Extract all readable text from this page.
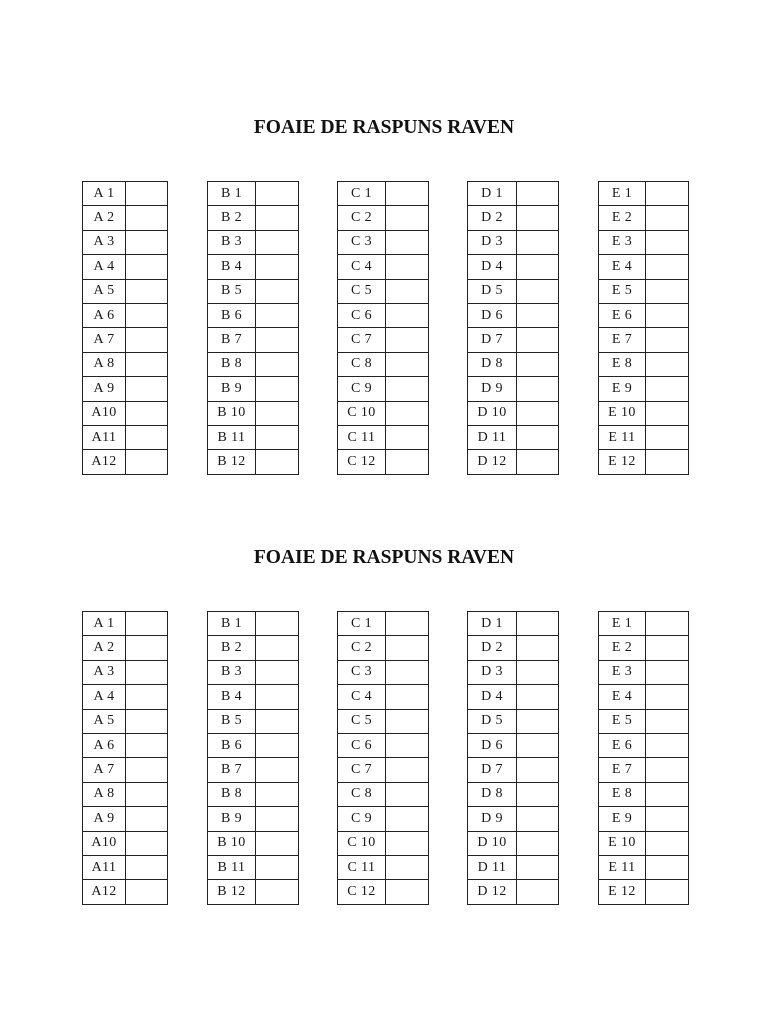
FOAIE DE RASPUNS RAVEN
A 1	
A 2	
A 3	
A 4	
A 5	
A 6	
A 7	
A 8	
A 9	
A10	
A11	
A12	
B 1	
B 2	
B 3	
B 4	
B 5	
B 6	
B 7	
B 8	
B 9	
B 10	
B 11	
B 12	
C 1	
C 2	
C 3	
C 4	
C 5	
C 6	
C 7	
C 8	
C 9	
C 10	
C 11	
C 12	
D 1	
D 2	
D 3	
D 4	
D 5	
D 6	
D 7	
D 8	
D 9	
D 10	
D 11	
D 12	
E 1	
E 2	
E 3	
E 4	
E 5	
E 6	
E 7	
E 8	
E 9	
E 10	
E 11	
E 12	
FOAIE DE RASPUNS RAVEN
A 1	
A 2	
A 3	
A 4	
A 5	
A 6	
A 7	
A 8	
A 9	
A10	
A11	
A12	
B 1	
B 2	
B 3	
B 4	
B 5	
B 6	
B 7	
B 8	
B 9	
B 10	
B 11	
B 12	
C 1	
C 2	
C 3	
C 4	
C 5	
C 6	
C 7	
C 8	
C 9	
C 10	
C 11	
C 12	
D 1	
D 2	
D 3	
D 4	
D 5	
D 6	
D 7	
D 8	
D 9	
D 10	
D 11	
D 12	
E 1	
E 2	
E 3	
E 4	
E 5	
E 6	
E 7	
E 8	
E 9	
E 10	
E 11	
E 12	
